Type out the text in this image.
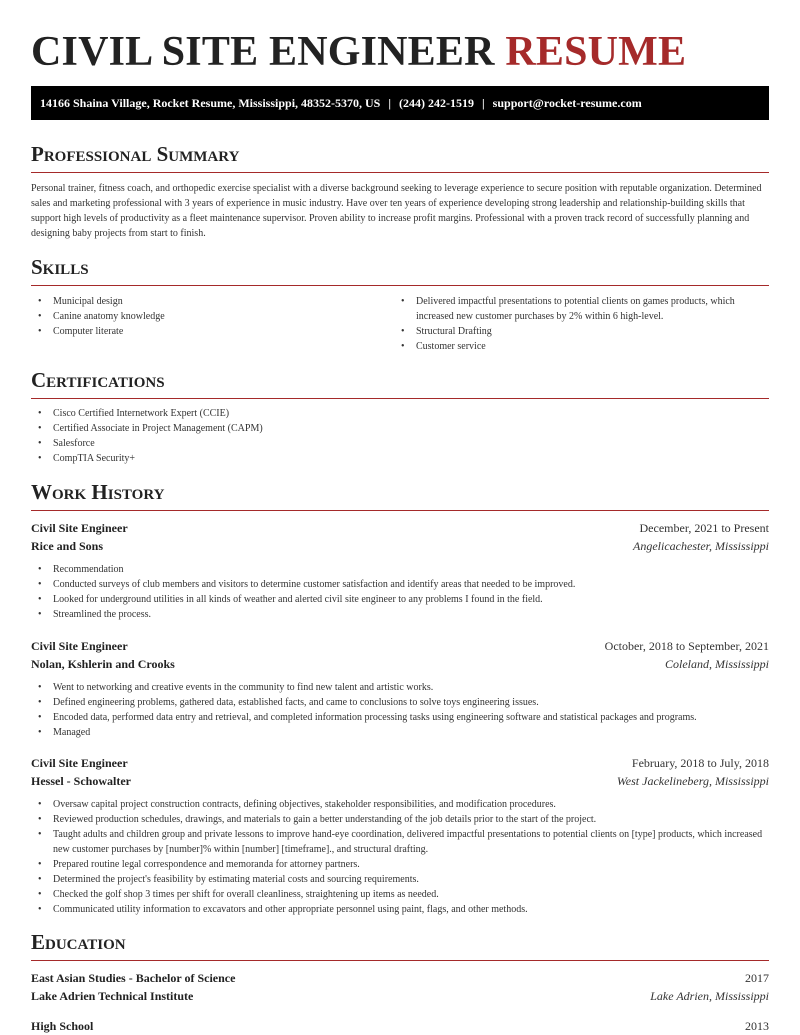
CIVIL SITE ENGINEER RESUME
14166 Shaina Village, Rocket Resume, Mississippi, 48352-5370, US | (244) 242-1519 | support@rocket-resume.com
Professional Summary
Personal trainer, fitness coach, and orthopedic exercise specialist with a diverse background seeking to leverage experience to secure position with reputable organization. Determined sales and marketing professional with 3 years of experience in music industry. Have over ten years of experience developing strong leadership and relationship-building skills that support high levels of productivity as a fleet maintenance supervisor. Proven ability to increase profit margins. Professional with a proven track record of successfully planning and designing baby projects from start to finish.
Skills
• Municipal design
• Canine anatomy knowledge
• Computer literate
• Delivered impactful presentations to potential clients on games products, which increased new customer purchases by 2% within 6 high-level.
• Structural Drafting
• Customer service
Certifications
• Cisco Certified Internetwork Expert (CCIE)
• Certified Associate in Project Management (CAPM)
• Salesforce
• CompTIA Security+
Work History
Civil Site Engineer	December, 2021 to Present
Rice and Sons	Angelicachester, Mississippi
• Recommendation
• Conducted surveys of club members and visitors to determine customer satisfaction and identify areas that needed to be improved.
• Looked for underground utilities in all kinds of weather and alerted civil site engineer to any problems I found in the field.
• Streamlined the process.
Civil Site Engineer	October, 2018 to September, 2021
Nolan, Kshlerin and Crooks	Coleland, Mississippi
• Went to networking and creative events in the community to find new talent and artistic works.
• Defined engineering problems, gathered data, established facts, and came to conclusions to solve toys engineering issues.
• Encoded data, performed data entry and retrieval, and completed information processing tasks using engineering software and statistical packages and programs.
• Managed
Civil Site Engineer	February, 2018 to July, 2018
Hessel - Schowalter	West Jackelineberg, Mississippi
• Oversaw capital project construction contracts, defining objectives, stakeholder responsibilities, and modification procedures.
• Reviewed production schedules, drawings, and materials to gain a better understanding of the job details prior to the start of the project.
• Taught adults and children group and private lessons to improve hand-eye coordination, delivered impactful presentations to potential clients on [type] products, which increased new customer purchases by [number]% within [number] [timeframe]., and structural drafting.
• Prepared routine legal correspondence and memoranda for attorney partners.
• Determined the project's feasibility by estimating material costs and sourcing requirements.
• Checked the golf shop 3 times per shift for overall cleanliness, straightening up items as needed.
• Communicated utility information to excavators and other appropriate personnel using paint, flags, and other methods.
Education
East Asian Studies - Bachelor of Science	2017
Lake Adrien Technical Institute	Lake Adrien, Mississippi
High School	2013
